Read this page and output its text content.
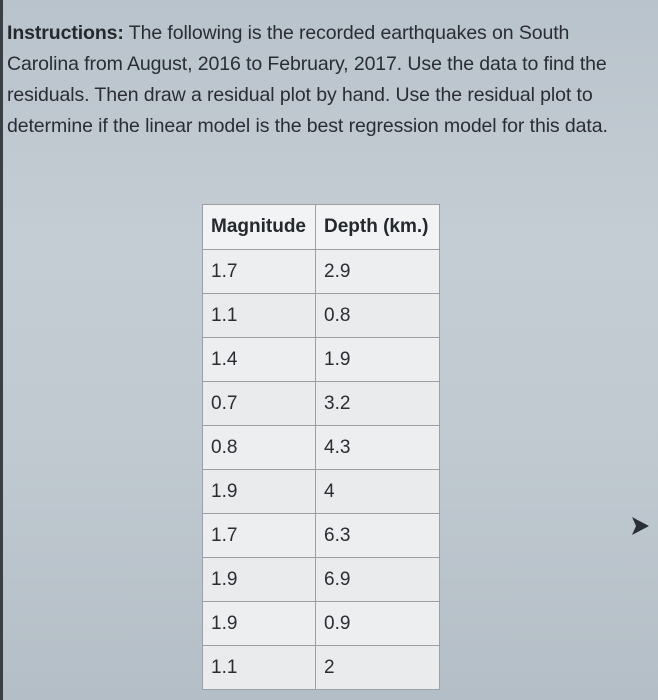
Instructions: The following is the recorded earthquakes on South Carolina from August, 2016 to February, 2017. Use the data to find the residuals. Then draw a residual plot by hand. Use the residual plot to determine if the linear model is the best regression model for this data.
Magnitude	Depth (km.)
1.7	2.9
1.1	0.8
1.4	1.9
0.7	3.2
0.8	4.3
1.9	4
1.7	6.3
1.9	6.9
1.9	0.9
1.1	2
